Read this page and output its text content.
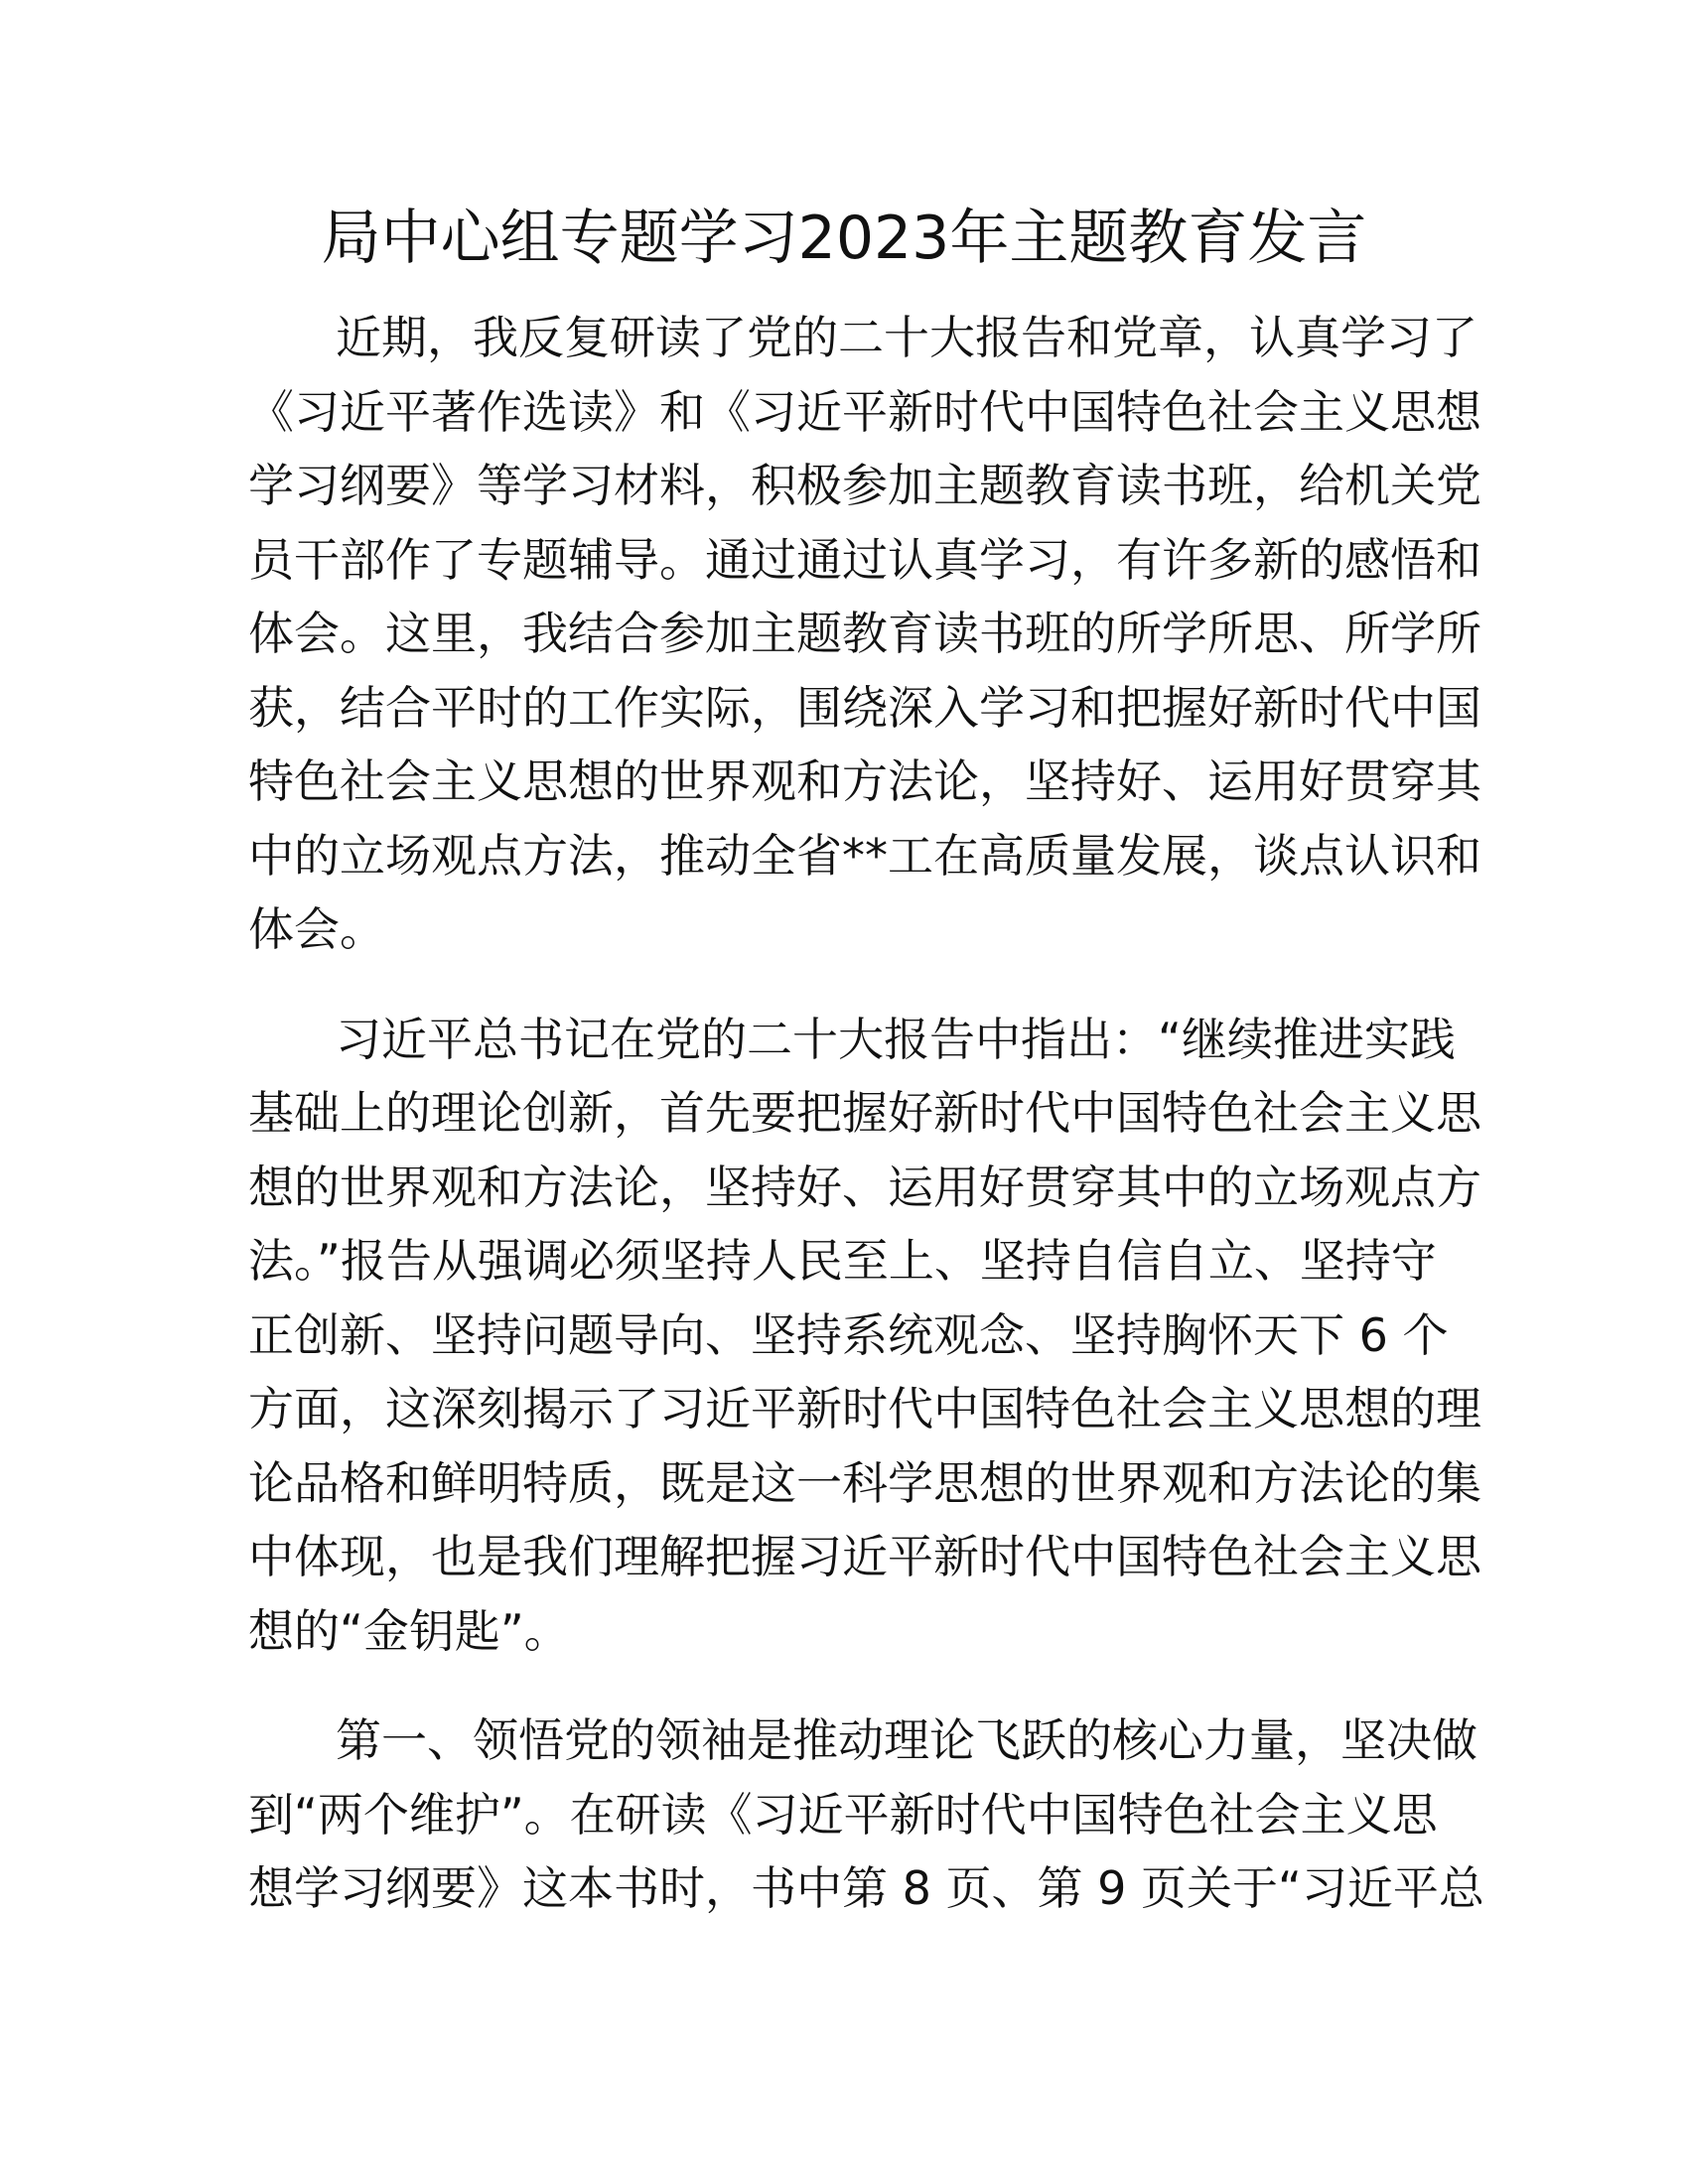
局中心组专题学习2023年主题教育发言
近期，我反复研读了党的二十大报告和党章，认真学习了
《习近平著作选读》和《习近平新时代中国特色社会主义思想
学习纲要》等学习材料，积极参加主题教育读书班，给机关党
员干部作了专题辅导。通过通过认真学习，有许多新的感悟和
体会。这里，我结合参加主题教育读书班的所学所思、所学所
获，结合平时的工作实际，围绕深入学习和把握好新时代中国
特色社会主义思想的世界观和方法论，坚持好、运用好贯穿其
中的立场观点方法，推动全省**工在高质量发展，谈点认识和
体会。
习近平总书记在党的二十大报告中指出：“继续推进实践
基础上的理论创新，首先要把握好新时代中国特色社会主义思
想的世界观和方法论，坚持好、运用好贯穿其中的立场观点方
法。”报告从强调必须坚持人民至上、坚持自信自立、坚持守
正创新、坚持问题导向、坚持系统观念、坚持胸怀天下 6 个
方面，这深刻揭示了习近平新时代中国特色社会主义思想的理
论品格和鲜明特质，既是这一科学思想的世界观和方法论的集
中体现，也是我们理解把握习近平新时代中国特色社会主义思
想的“金钥匙”。
第一、领悟党的领袖是推动理论飞跃的核心力量，坚决做
到“两个维护”。在研读《习近平新时代中国特色社会主义思
想学习纲要》这本书时，书中第 8 页、第 9 页关于“习近平总
